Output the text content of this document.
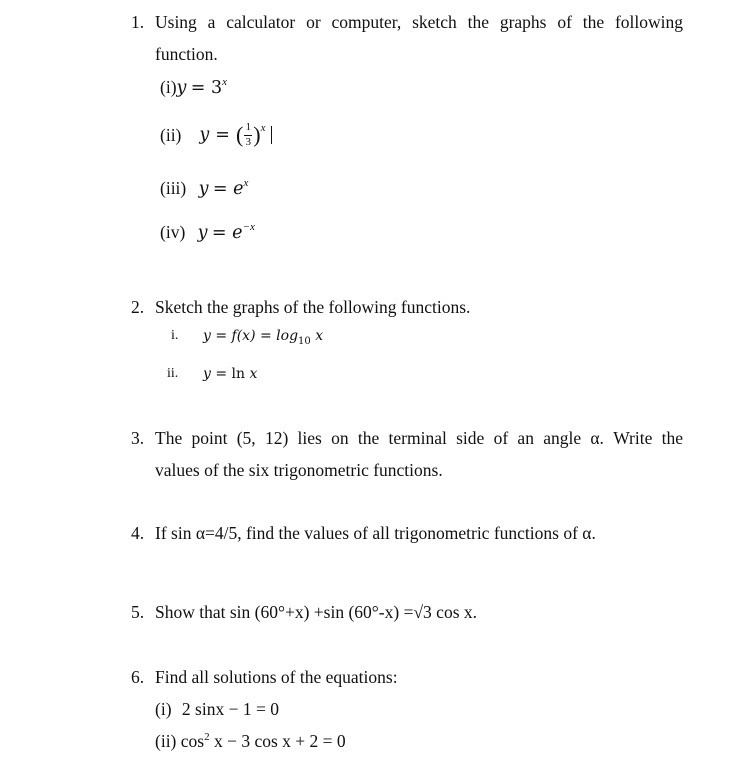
1. Using a calculator or computer, sketch the graphs of the following
function.
$(i)y = 3^x$
(ii) y = ( 1
3 ) $^x$
(iii) $y = e^x$
(iv) $y = e^{-x}$
2. Sketch the graphs of the following functions.
i. $y = f(x) = \log_{10} x$
ii. y = ln x
3. The point (5, 12) lies on the terminal side of an angle α. Write the
values of the six trigonometric functions.
4. If sin α=4/5, find the values of all trigonometric functions of α.
5. Show that sin (60°+x) +sin (60°-x) =√3 cos x.
6. Find all solutions of the equations:
(i) 2 sinx − 1 = 0
(ii) $\cos^2 x - 3$ cos x + 2 = 0
